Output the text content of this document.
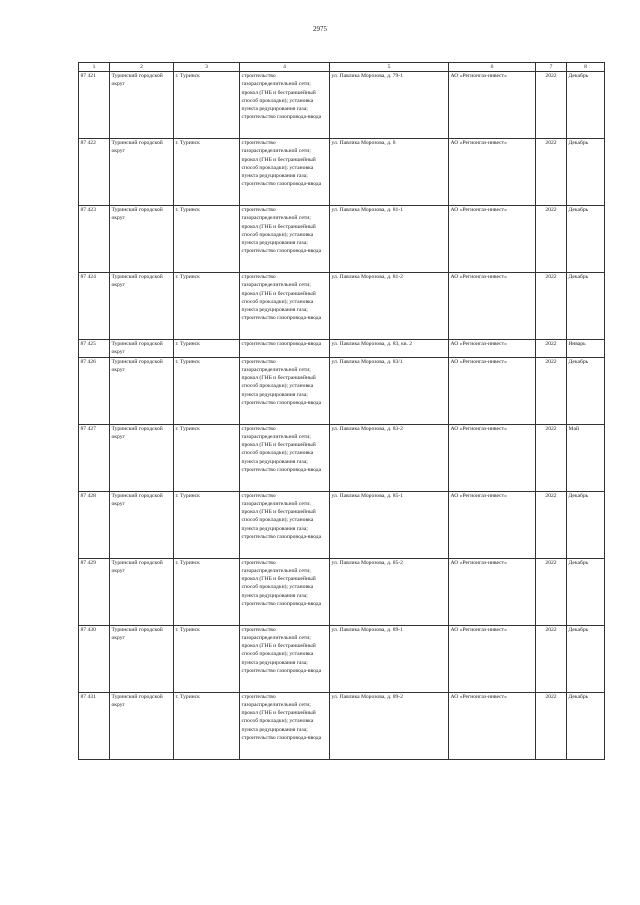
2975
1	2	3	4	5	6	7	8
87 421	Туринский городской округ	г. Туринск	строительство газораспределительной сети; прокол (ГНБ и бестраншейный способ прокладки); установка пункта редуцирования газа; строительство газопровода-ввода	ул. Павлика Морозова, д. 79-1	АО «Регионгаз-инвест»	2022	Декабрь
87 422	Туринский городской округ	г. Туринск	строительство газораспределительной сети; прокол (ГНБ и бестраншейный способ прокладки); установка пункта редуцирования газа; строительство газопровода-ввода	ул. Павлика Морозова, д. 8	АО «Регионгаз-инвест»	2022	Декабрь
87 423	Туринский городской округ	г. Туринск	строительство газораспределительной сети; прокол (ГНБ и бестраншейный способ прокладки); установка пункта редуцирования газа; строительство газопровода-ввода	ул. Павлика Морозова, д. 81-1	АО «Регионгаз-инвест»	2022	Декабрь
87 424	Туринский городской округ	г. Туринск	строительство газораспределительной сети; прокол (ГНБ и бестраншейный способ прокладки); установка пункта редуцирования газа; строительство газопровода-ввода	ул. Павлика Морозова, д. 81-2	АО «Регионгаз-инвест»	2022	Декабрь
87 425	Туринский городской округ	г. Туринск	строительство газопровода-ввода	ул. Павлика Морозова, д. 83, кв. 2	АО «Регионгаз-инвест»	2022	Январь
87 426	Туринский городской округ	г. Туринск	строительство газораспределительной сети; прокол (ГНБ и бестраншейный способ прокладки); установка пункта редуцирования газа; строительство газопровода-ввода	ул. Павлика Морозова, д. 83/1	АО «Регионгаз-инвест»	2022	Декабрь
87 427	Туринский городской округ	г. Туринск	строительство газораспределительной сети; прокол (ГНБ и бестраншейный способ прокладки); установка пункта редуцирования газа; строительство газопровода-ввода	ул. Павлика Морозова, д. 83-2	АО «Регионгаз-инвест»	2022	Май
87 428	Туринский городской округ	г. Туринск	строительство газораспределительной сети; прокол (ГНБ и бестраншейный способ прокладки); установка пункта редуцирования газа; строительство газопровода-ввода	ул. Павлика Морозова, д. 85-1	АО «Регионгаз-инвест»	2022	Декабрь
87 429	Туринский городской округ	г. Туринск	строительство газораспределительной сети; прокол (ГНБ и бестраншейный способ прокладки); установка пункта редуцирования газа; строительство газопровода-ввода	ул. Павлика Морозова, д. 85-2	АО «Регионгаз-инвест»	2022	Декабрь
87 430	Туринский городской округ	г. Туринск	строительство газораспределительной сети; прокол (ГНБ и бестраншейный способ прокладки); установка пункта редуцирования газа; строительство газопровода-ввода	ул. Павлика Морозова, д. 89-1	АО «Регионгаз-инвест»	2022	Декабрь
87 431	Туринский городской округ	г. Туринск	строительство газораспределительной сети; прокол (ГНБ и бестраншейный способ прокладки); установка пункта редуцирования газа; строительство газопровода-ввода	ул. Павлика Морозова, д. 89-2	АО «Регионгаз-инвест»	2022	Декабрь
